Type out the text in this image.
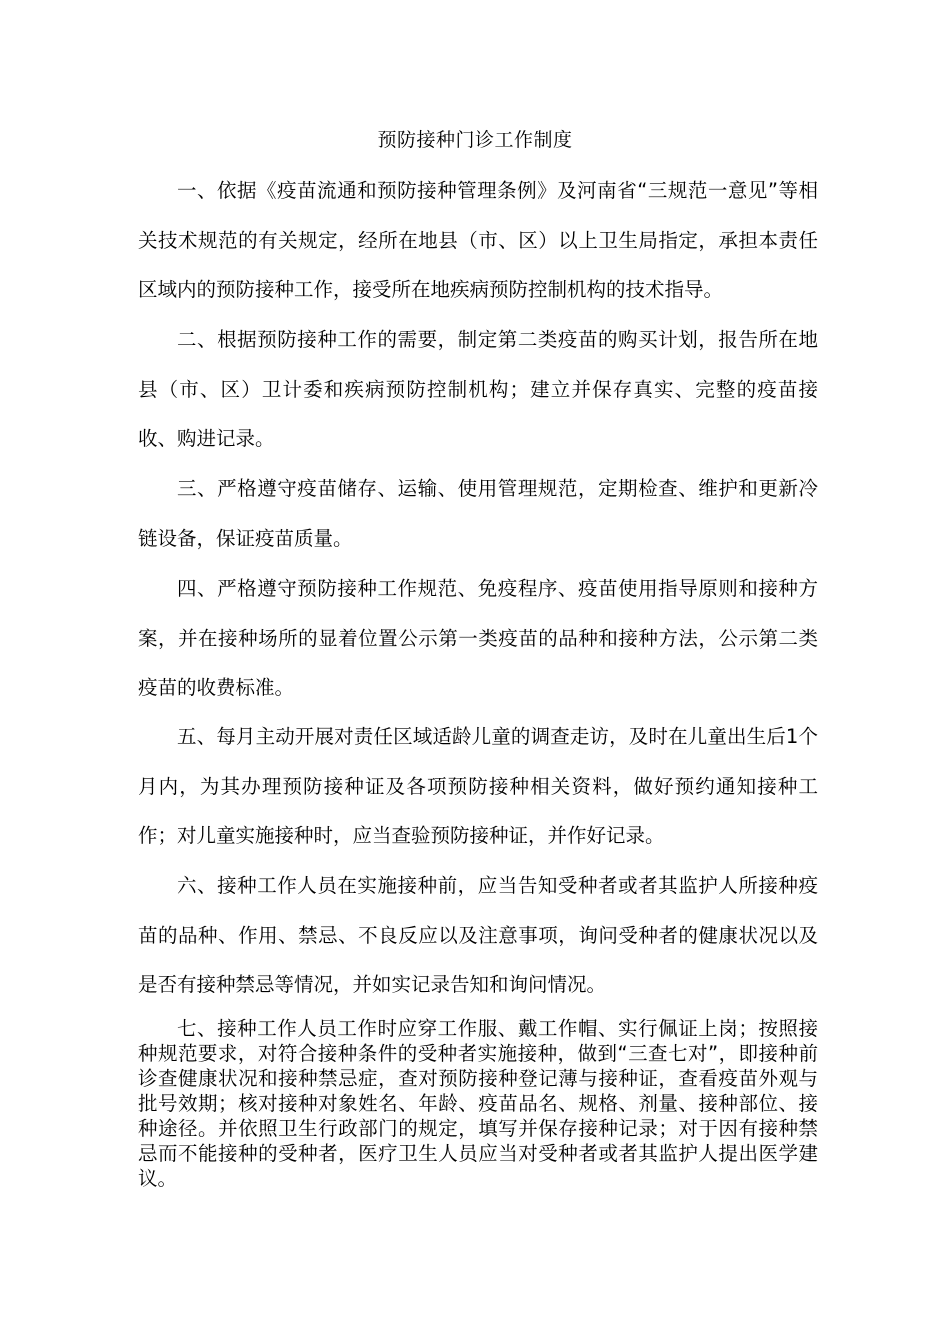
预防接种门诊工作制度

一、依据《疫苗流通和预防接种管理条例》及河南省“三规范一意见”等相关技术规范的有关规定，经所在地县（市、区）以上卫生局指定，承担本责任区域内的预防接种工作，接受所在地疾病预防控制机构的技术指导。

二、根据预防接种工作的需要，制定第二类疫苗的购买计划，报告所在地县（市、区）卫计委和疾病预防控制机构；建立并保存真实、完整的疫苗接收、购进记录。

三、严格遵守疫苗储存、运输、使用管理规范，定期检查、维护和更新冷链设备，保证疫苗质量。

四、严格遵守预防接种工作规范、免疫程序、疫苗使用指导原则和接种方案，并在接种场所的显着位置公示第一类疫苗的品种和接种方法，公示第二类疫苗的收费标准。

五、每月主动开展对责任区域适龄儿童的调查走访，及时在儿童出生后1个月内，为其办理预防接种证及各项预防接种相关资料，做好预约通知接种工作；对儿童实施接种时，应当查验预防接种证，并作好记录。

六、接种工作人员在实施接种前，应当告知受种者或者其监护人所接种疫苗的品种、作用、禁忌、不良反应以及注意事项，询问受种者的健康状况以及是否有接种禁忌等情况，并如实记录告知和询问情况。

七、接种工作人员工作时应穿工作服、戴工作帽、实行佩证上岗；按照接种规范要求，对符合接种条件的受种者实施接种，做到“三查七对”，即接种前诊查健康状况和接种禁忌症，查对预防接种登记薄与接种证，查看疫苗外观与批号效期；核对接种对象姓名、年龄、疫苗品名、规格、剂量、接种部位、接种途径。并依照卫生行政部门的规定，填写并保存接种记录；对于因有接种禁忌而不能接种的受种者，医疗卫生人员应当对受种者或者其监护人提出医学建议。
